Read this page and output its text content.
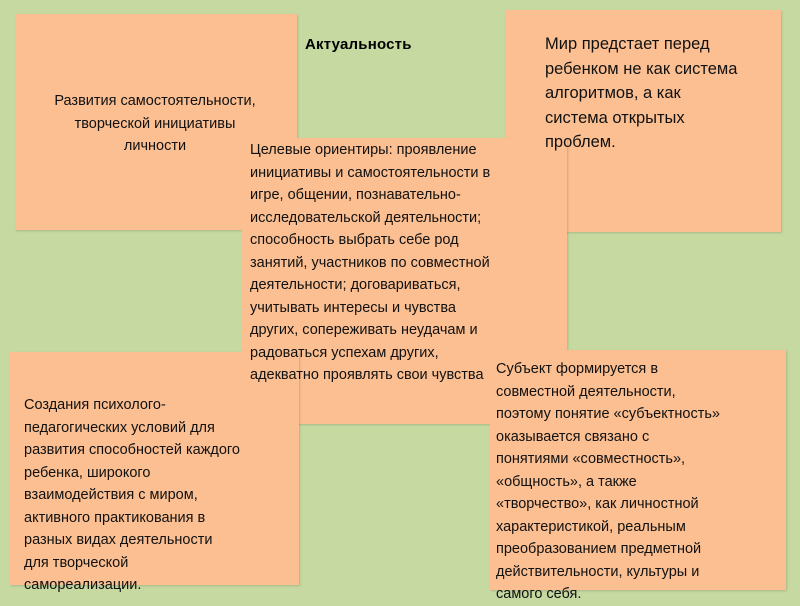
Актуальность
Развития самостоятельности,
творческой инициативы
личности
Мир предстает перед
ребенком не как система
алгоритмов, а как
система открытых
проблем.
Целевые ориентиры: проявление
инициативы и самостоятельности в
игре, общении, познавательно-
исследовательской деятельности;
способность выбрать себе род
занятий, участников по совместной
деятельности; договариваться,
учитывать интересы и чувства
других, сопереживать неудачам и
радоваться успехам других,
адекватно проявлять свои чувства
Создания психолого-
педагогических условий для
развития способностей каждого
ребенка, широкого
взаимодействия с миром,
активного практикования в
разных видах деятельности
для творческой
самореализации.
Субъект формируется в
совместной деятельности,
поэтому понятие «субъектность»
оказывается связано с
понятиями «совместность»,
«общность», а также
«творчество», как личностной
характеристикой, реальным
преобразованием предметной
действительности, культуры и
самого себя.
